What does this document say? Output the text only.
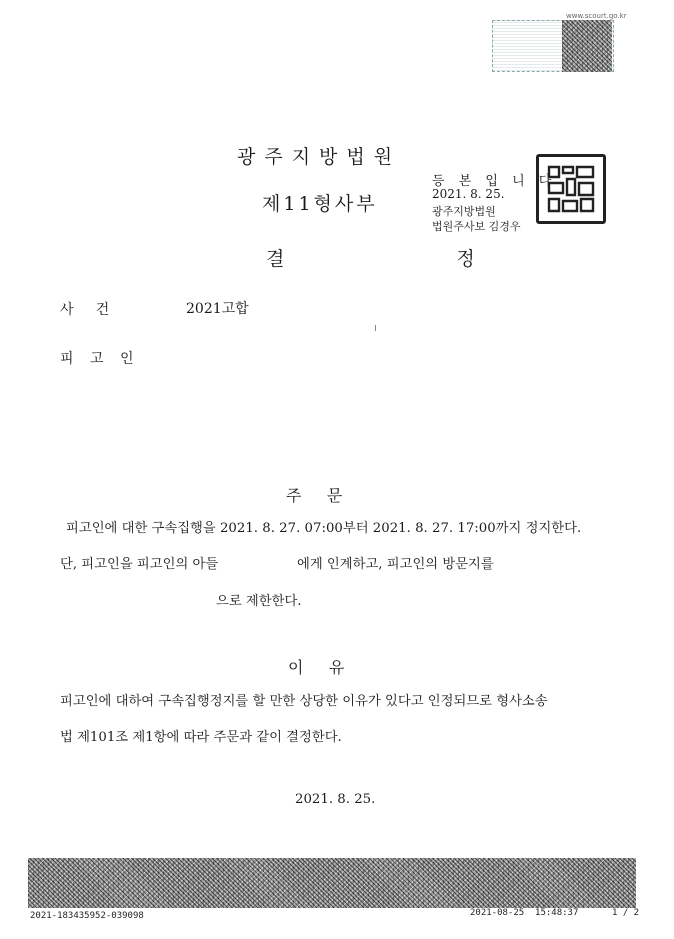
www.scourt.go.kr
광주지방법원
제11형사부
결  정
등 본 입 니 다
2021. 8. 25.
광주지방법원
법원주사보 김경우
사     건	2021고합
피 고 인
주     문
피고인에 대한 구속집행을 2021. 8. 27. 07:00부터 2021. 8. 27. 17:00까지 정지한다.
단, 피고인을 피고인의 아들	에게 인계하고, 피고인의 방문지를
으로 제한한다.
이     유
피고인에 대하여 구속집행정지를 할 만한 상당한 이유가 있다고 인정되므로 형사소송
법 제101조 제1항에 따라 주문과 같이 결정한다.
2021. 8. 25.
2021-183435952-039098	2021-08-25  15:48:37	1 / 2
